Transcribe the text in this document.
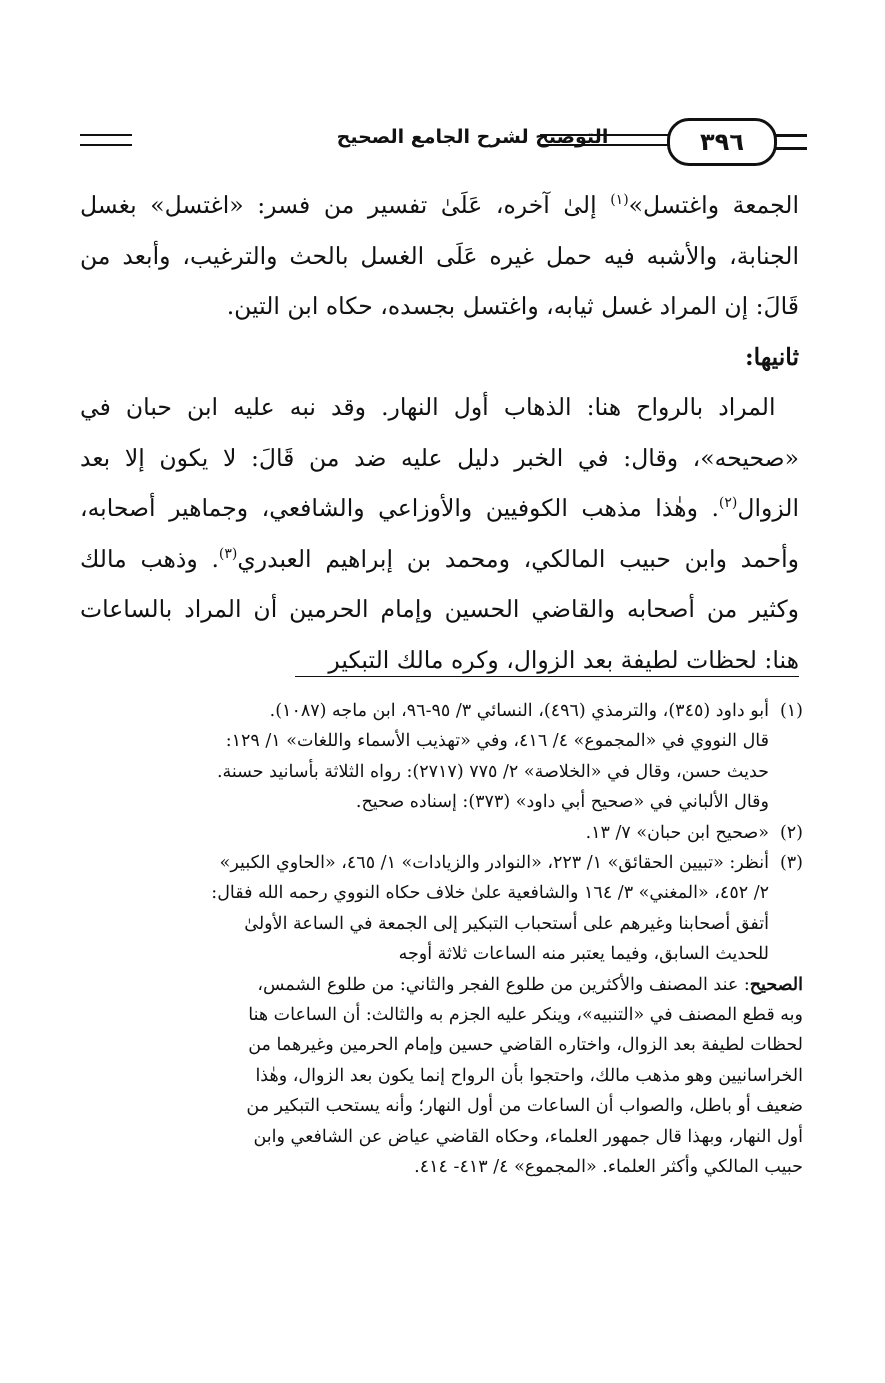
٣٩٦
التوضيح لشرح الجامع الصحيح

الجمعة واغتسل»$^{(١)}$ إلىٰ آخره، عَلَىٰ تفسير من فسر: «اغتسل» بغسل الجنابة، والأشبه فيه حمل غيره عَلَى الغسل بالحث والترغيب، وأبعد من قَالَ: إن المراد غسل ثيابه، واغتسل بجسده، حكاه ابن التين.

ثانيها:

 المراد بالرواح هنا: الذهاب أول النهار. وقد نبه عليه ابن حبان في «صحيحه»، وقال: في الخبر دليل عليه ضد من قَالَ: لا يكون إلا بعد الزوال$^{(٢)}$. وهٰذا مذهب الكوفيين والأوزاعي والشافعي، وجماهير أصحابه، وأحمد وابن حبيب المالكي، ومحمد بن إبراهيم العبدري$^{(٣)}$. وذهب مالك وكثير من أصحابه والقاضي الحسين وإمام الحرمين أن المراد بالساعات هنا: لحظات لطيفة بعد الزوال، وكره مالك التبكير

(١)

أبو داود (٣٤٥)، والترمذي (٤٩٦)، النسائي ٣/ ٩٥-٩٦، ابن ماجه (١٠٨٧).

قال النووي في «المجموع» ٤/ ٤١٦، وفي «تهذيب الأسماء واللغات» ١/ ١٢٩:

حديث حسن، وقال في «الخلاصة» ٢/ ٧٧٥ (٢٧١٧): رواه الثلاثة بأسانيد حسنة.

وقال الألباني في «صحيح أبي داود» (٣٧٣): إسناده صحيح.

(٢)

«صحيح ابن حبان» ٧/ ١٣.

(٣)

أنظر: «تبيين الحقائق» ١/ ٢٢٣، «النوادر والزيادات» ١/ ٤٦٥، «الحاوي الكبير»

٢/ ٤٥٢، «المغني» ٣/ ١٦٤ والشافعية علىٰ خلاف حكاه النووي رحمه الله فقال:

أتفق أصحابنا وغيرهم على أستحباب التبكير إلى الجمعة في الساعة الأولىٰ

للحديث السابق، وفيما يعتبر منه الساعات ثلاثة أوجه

الصحيح: عند المصنف والأكثرين من طلوع الفجر والثاني: من طلوع الشمس،

وبه قطع المصنف في «التنبيه»، وينكر عليه الجزم به والثالث: أن الساعات هنا

لحظات لطيفة بعد الزوال، واختاره القاضي حسين وإمام الحرمين وغيرهما من

الخراسانيين وهو مذهب مالك، واحتجوا بأن الرواح إنما يكون بعد الزوال، وهٰذا

ضعيف أو باطل، والصواب أن الساعات من أول النهار؛ وأنه يستحب التبكير من

أول النهار، وبهذا قال جمهور العلماء، وحكاه القاضي عياض عن الشافعي وابن

حبيب المالكي وأكثر العلماء. «المجموع» ٤/ ٤١٣- ٤١٤.
